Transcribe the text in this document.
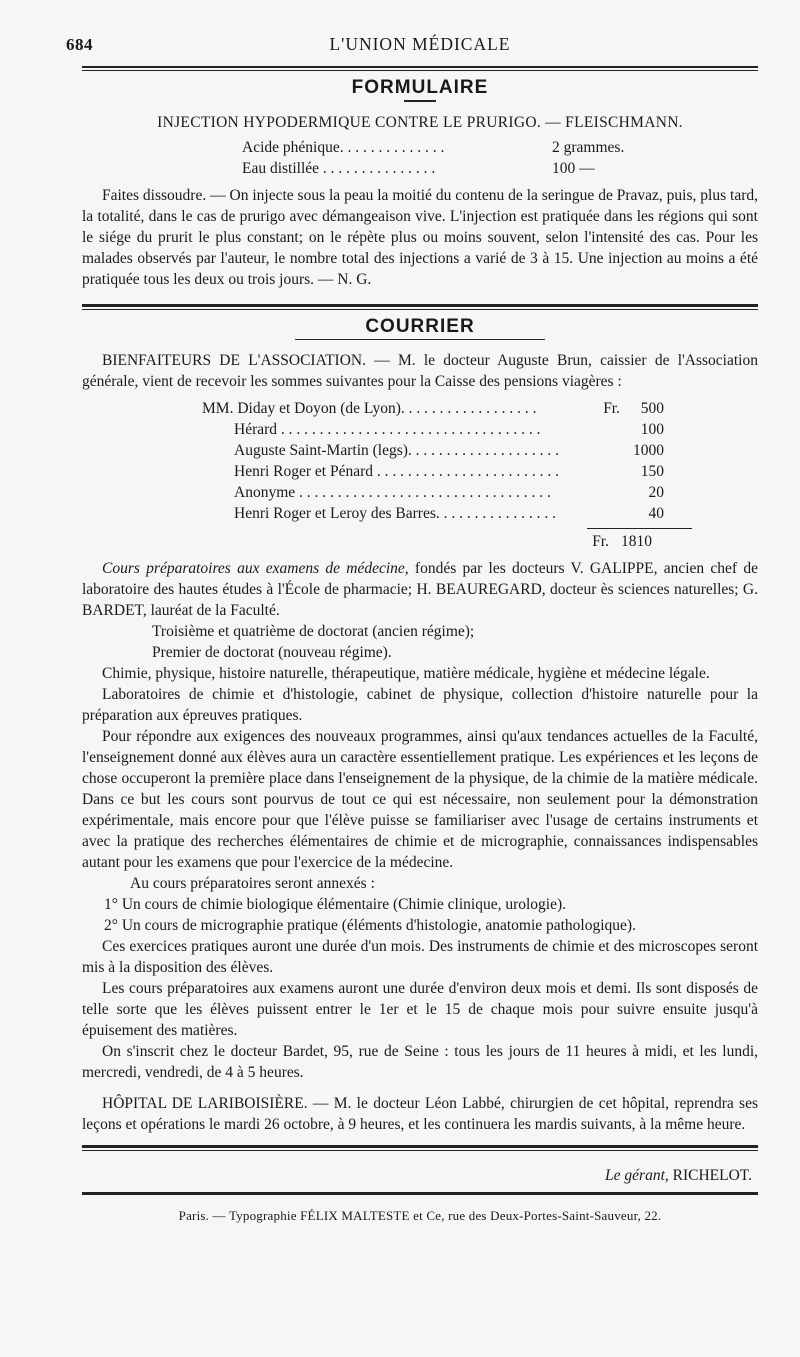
684	L'UNION MÉDICALE
FORMULAIRE
INJECTION HYPODERMIQUE CONTRE LE PRURIGO. — FLEISCHMANN.
Acide phénique. . . . . . . . . . . . . .	2 grammes.
Eau distillée . . . . . . . . . . . . . . .	100 —

Faites dissoudre. — On injecte sous la peau la moitié du contenu de la seringue de Pravaz, puis, plus tard, la totalité, dans le cas de prurigo avec démangeaison vive. L'injection est pratiquée dans les régions qui sont le siége du prurit le plus constant; on le répète plus ou moins souvent, selon l'intensité des cas. Pour les malades observés par l'auteur, le nombre total des injections a varié de 3 à 15. Une injection au moins a été pratiquée tous les deux ou trois jours. — N. G.

COURRIER

BIENFAITEURS DE L'ASSOCIATION. — M. le docteur Auguste Brun, caissier de l'Association générale, vient de recevoir les sommes suivantes pour la Caisse des pensions viagères :

MM. Diday et Doyon (de Lyon). . . . . . . . . . . . . . . . . .	Fr.	500
Hérard . . . . . . . . . . . . . . . . . . . . . . . . . . . . . . . . . .	100
Auguste Saint-Martin (legs). . . . . . . . . . . . . . . . . . . .	1000
Henri Roger et Pénard . . . . . . . . . . . . . . . . . . . . . . . .	150
Anonyme . . . . . . . . . . . . . . . . . . . . . . . . . . . . . . . . .	20
Henri Roger et Leroy des Barres. . . . . . . . . . . . . . . .	40
Fr. 1810

Cours préparatoires aux examens de médecine, fondés par les docteurs V. GALIPPE, ancien chef de laboratoire des hautes études à l'École de pharmacie; H. BEAUREGARD, docteur ès sciences naturelles; G. BARDET, lauréat de la Faculté.

Troisième et quatrième de doctorat (ancien régime);

Premier de doctorat (nouveau régime).

Chimie, physique, histoire naturelle, thérapeutique, matière médicale, hygiène et médecine légale.

Laboratoires de chimie et d'histologie, cabinet de physique, collection d'histoire naturelle pour la préparation aux épreuves pratiques.

Pour répondre aux exigences des nouveaux programmes, ainsi qu'aux tendances actuelles de la Faculté, l'enseignement donné aux élèves aura un caractère essentiellement pratique. Les expériences et les leçons de chose occuperont la première place dans l'enseignement de la physique, de la chimie de la matière médicale. Dans ce but les cours sont pourvus de tout ce qui est nécessaire, non seulement pour la démonstration expérimentale, mais encore pour que l'élève puisse se familiariser avec l'usage de certains instruments et avec la pratique des recherches élémentaires de chimie et de micrographie, connaissances indispensables autant pour les examens que pour l'exercice de la médecine.

Au cours préparatoires seront annexés :

1° Un cours de chimie biologique élémentaire (Chimie clinique, urologie).

2° Un cours de micrographie pratique (éléments d'histologie, anatomie pathologique).

Ces exercices pratiques auront une durée d'un mois. Des instruments de chimie et des microscopes seront mis à la disposition des élèves.

Les cours préparatoires aux examens auront une durée d'environ deux mois et demi. Ils sont disposés de telle sorte que les élèves puissent entrer le 1er et le 15 de chaque mois pour suivre ensuite jusqu'à épuisement des matières.

On s'inscrit chez le docteur Bardet, 95, rue de Seine : tous les jours de 11 heures à midi, et les lundi, mercredi, vendredi, de 4 à 5 heures.

HÔPITAL DE LARIBOISIÈRE. — M. le docteur Léon Labbé, chirurgien de cet hôpital, reprendra ses leçons et opérations le mardi 26 octobre, à 9 heures, et les continuera les mardis suivants, à la même heure.

Le gérant, RICHELOT.
Paris. — Typographie FÉLIX MALTESTE et Ce, rue des Deux-Portes-Saint-Sauveur, 22.
